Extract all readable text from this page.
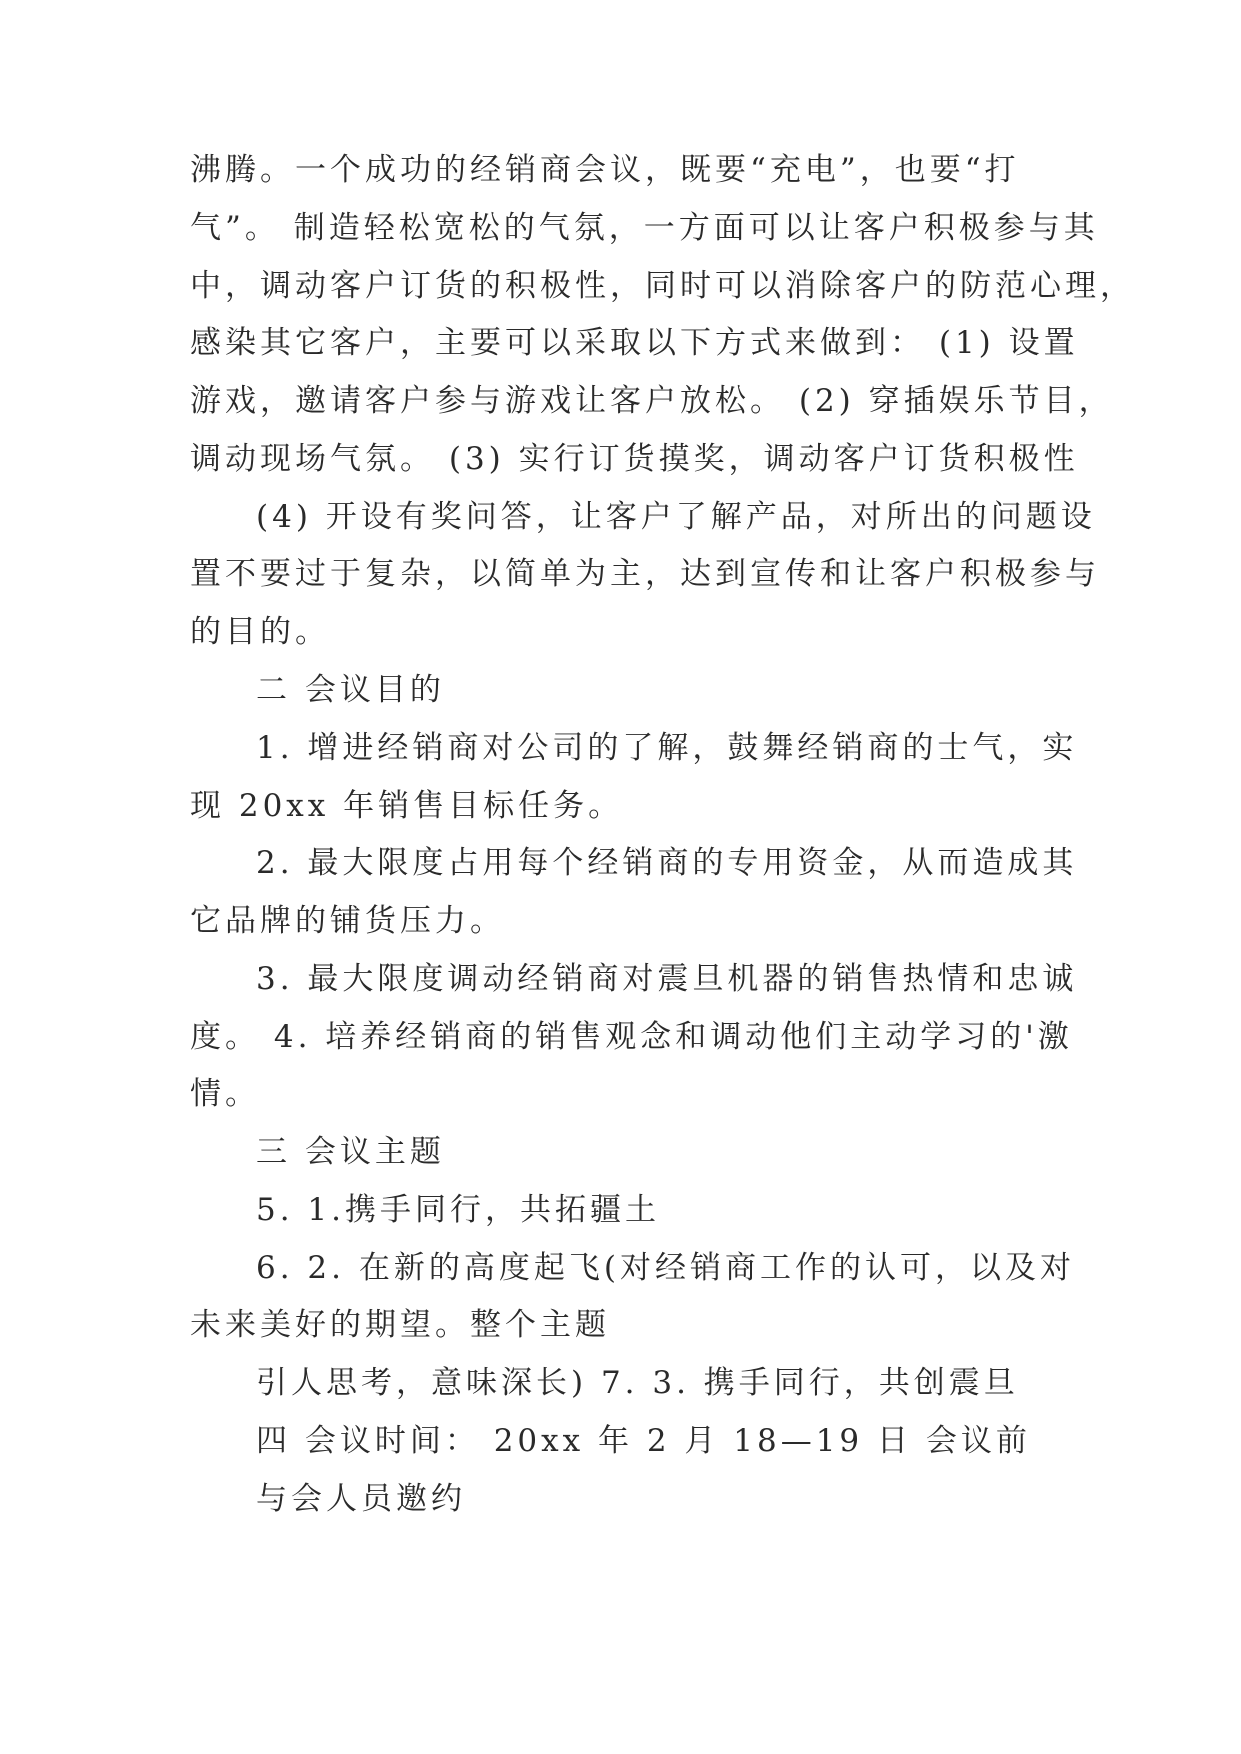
沸腾。一个成功的经销商会议，既要“充电”，也要“打
气”。 制造轻松宽松的气氛，一方面可以让客户积极参与其
中，调动客户订货的积极性，同时可以消除客户的防范心理，
感染其它客户，主要可以采取以下方式来做到： (1) 设置
游戏，邀请客户参与游戏让客户放松。 (2) 穿插娱乐节目，
调动现场气氛。 (3) 实行订货摸奖，调动客户订货积极性
(4) 开设有奖问答，让客户了解产品，对所出的问题设
置不要过于复杂，以简单为主，达到宣传和让客户积极参与
的目的。
二 会议目的
1. 增进经销商对公司的了解，鼓舞经销商的士气，实
现 20xx 年销售目标任务。
2. 最大限度占用每个经销商的专用资金，从而造成其
它品牌的铺货压力。
3. 最大限度调动经销商对震旦机器的销售热情和忠诚
度。 4. 培养经销商的销售观念和调动他们主动学习的'激
情。
三 会议主题
5. 1.携手同行，共拓疆土
6. 2. 在新的高度起飞(对经销商工作的认可，以及对
未来美好的期望。整个主题
引人思考，意味深长) 7. 3. 携手同行，共创震旦
四 会议时间： 20xx 年 2 月 18—19 日 会议前
与会人员邀约
